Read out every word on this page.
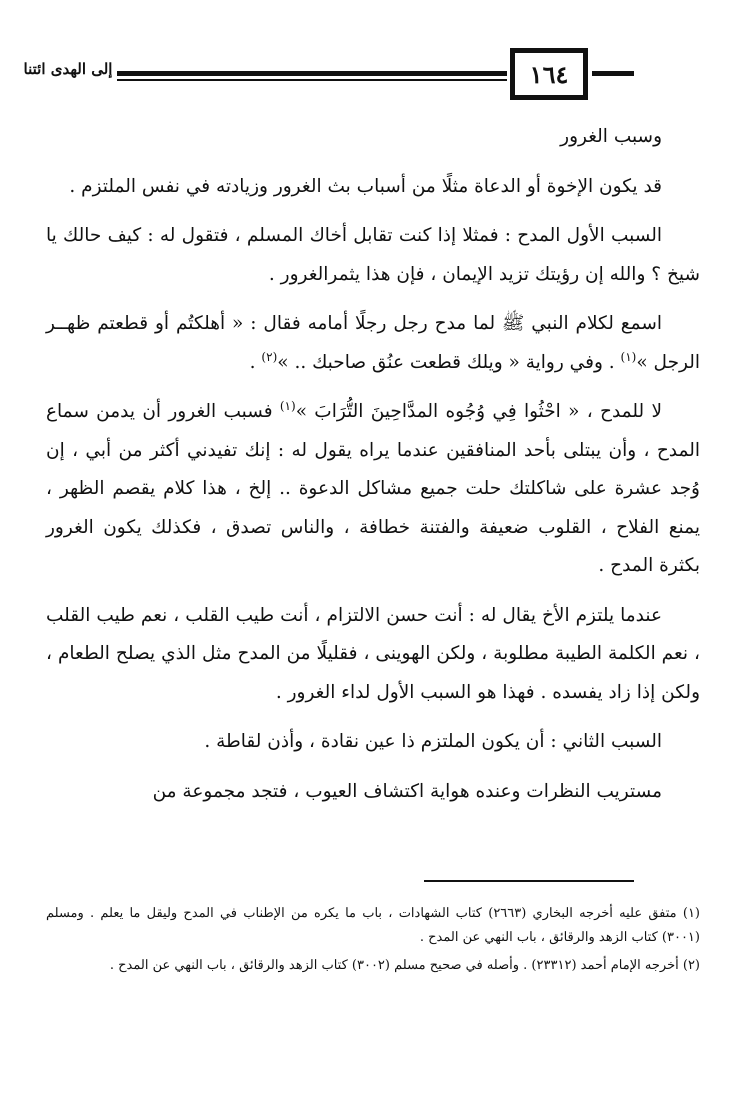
١٦٤
إلى الهدى ائتنا

وسبب الغرور

قد يكون الإخوة أو الدعاة مثلًا من أسباب بث الغرور وزيادته في نفس الملتزم .

السبب الأول المدح : فمثلا إذا كنت تقابل أخاك المسلم ، فتقول له : كيف حالك يا شيخ ؟ والله إن رؤيتك تزيد الإيمان ، فإن هذا يثمرالغرور .

اسمع لكلام النبي ﷺ لما مدح رجل رجلًا أمامه فقال : « أهلكتُم أو قطعتم ظهــر الرجل »$^{(١)}$ . وفي رواية « ويلك قطعت عنُق صاحبك .. »$^{(٢)}$ .

لا للمدح ، « احْثُوا فِي وُجُوه المدَّاحِينَ التُّرَابَ »$^{(١)}$ فسبب الغرور أن يدمن سماع المدح ، وأن يبتلى بأحد المنافقين عندما يراه يقول له : إنك تفيدني أكثر من أبي ، إن وُجد عشرة على شاكلتك حلت جميع مشاكل الدعوة .. إلخ ، هذا كلام يقصم الظهر ، يمنع الفلاح ، القلوب ضعيفة والفتنة خطافة ، والناس تصدق ، فكذلك يكون الغرور بكثرة المدح .

عندما يلتزم الأخ يقال له : أنت حسن الالتزام ، أنت طيب القلب ، نعم طيب القلب ، نعم الكلمة الطيبة مطلوبة ، ولكن الهوينى ، فقليلًا من المدح مثل الذي يصلح الطعام ، ولكن إذا زاد يفسده . فهذا هو السبب الأول لداء الغرور .

السبب الثاني : أن يكون الملتزم ذا عين نقادة ، وأذن لقاطة .

مستريب النظرات وعنده هواية اكتشاف العيوب ، فتجد مجموعة من

(١) متفق عليه أخرجه البخاري (٢٦٦٣) كتاب الشهادات ، باب ما يكره من الإطناب في المدح وليقل ما يعلم . ومسلم (٣٠٠١) كتاب الزهد والرقائق ، باب النهي عن المدح .

(٢) أخرجه الإمام أحمد (٢٣٣١٢) . وأصله في صحيح مسلم (٣٠٠٢) كتاب الزهد والرقائق ، باب النهي عن المدح .
